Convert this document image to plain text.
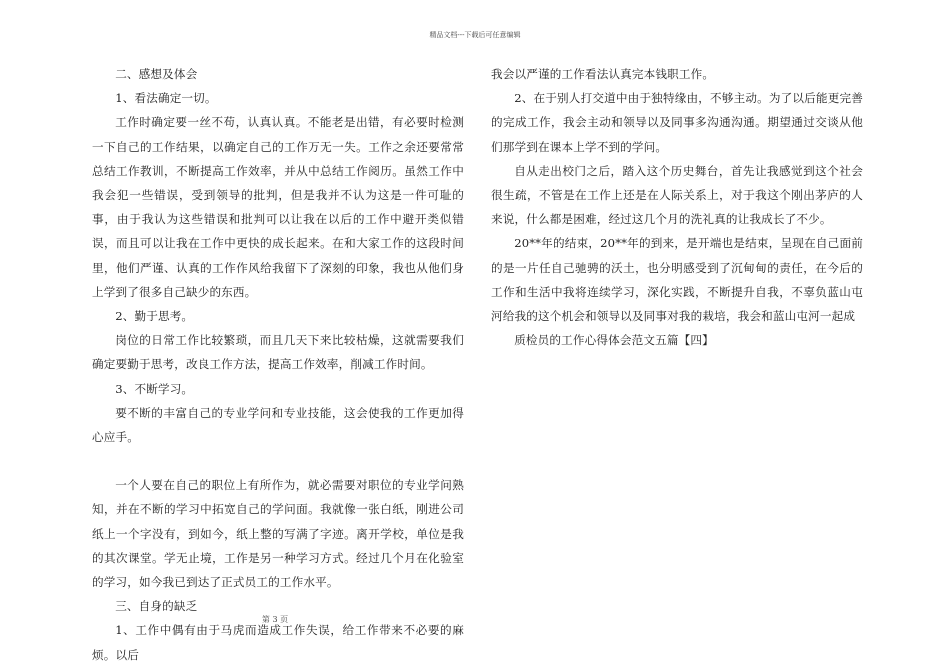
精品文档---下载后可任意编辑

二、感想及体会

1、看法确定一切。

工作时确定要一丝不苟，认真认真。不能老是出错，有必要时检测一下自己的工作结果，以确定自己的工作万无一失。工作之余还要常常总结工作教训，不断提高工作效率，并从中总结工作阅历。虽然工作中我会犯一些错误，受到领导的批判，但是我并不认为这是一件可耻的事，由于我认为这些错误和批判可以让我在以后的工作中避开类似错误，而且可以让我在工作中更快的成长起来。在和大家工作的这段时间里，他们严谨、认真的工作作风给我留下了深刻的印象，我也从他们身上学到了很多自己缺少的东西。

2、勤于思考。

岗位的日常工作比较繁琐，而且几天下来比较枯燥，这就需要我们确定要勤于思考，改良工作方法，提高工作效率，削减工作时间。

3、不断学习。

要不断的丰富自己的专业学问和专业技能，这会使我的工作更加得心应手。

一个人要在自己的职位上有所作为，就必需要对职位的专业学问熟知，并在不断的学习中拓宽自己的学问面。我就像一张白纸，刚进公司纸上一个字没有，到如今，纸上整的写满了字迹。离开学校，单位是我的其次课堂。学无止境，工作是另一种学习方式。经过几个月在化验室的学习，如今我已到达了正式员工的工作水平。

三、自身的缺乏

1、工作中偶有由于马虎而造成工作失误，给工作带来不必要的麻烦。以后

我会以严谨的工作看法认真完本钱职工作。

2、在于别人打交道中由于独特缘由，不够主动。为了以后能更完善的完成工作，我会主动和领导以及同事多沟通沟通。期望通过交谈从他们那学到在课本上学不到的学问。

自从走出校门之后，踏入这个历史舞台，首先让我感觉到这个社会很生疏，不管是在工作上还是在人际关系上，对于我这个刚出茅庐的人来说，什么都是困难，经过这几个月的洗礼真的让我成长了不少。

20**年的结束，20**年的到来，是开端也是结束，呈现在自己面前的是一片任自己驰骋的沃土，也分明感受到了沉甸甸的责任，在今后的工作和生活中我将连续学习，深化实践，不断提升自我，不辜负蓝山屯河给我的这个机会和领导以及同事对我的栽培，我会和蓝山屯河一起成

质检员的工作心得体会范文五篇【四】

第 3 页
